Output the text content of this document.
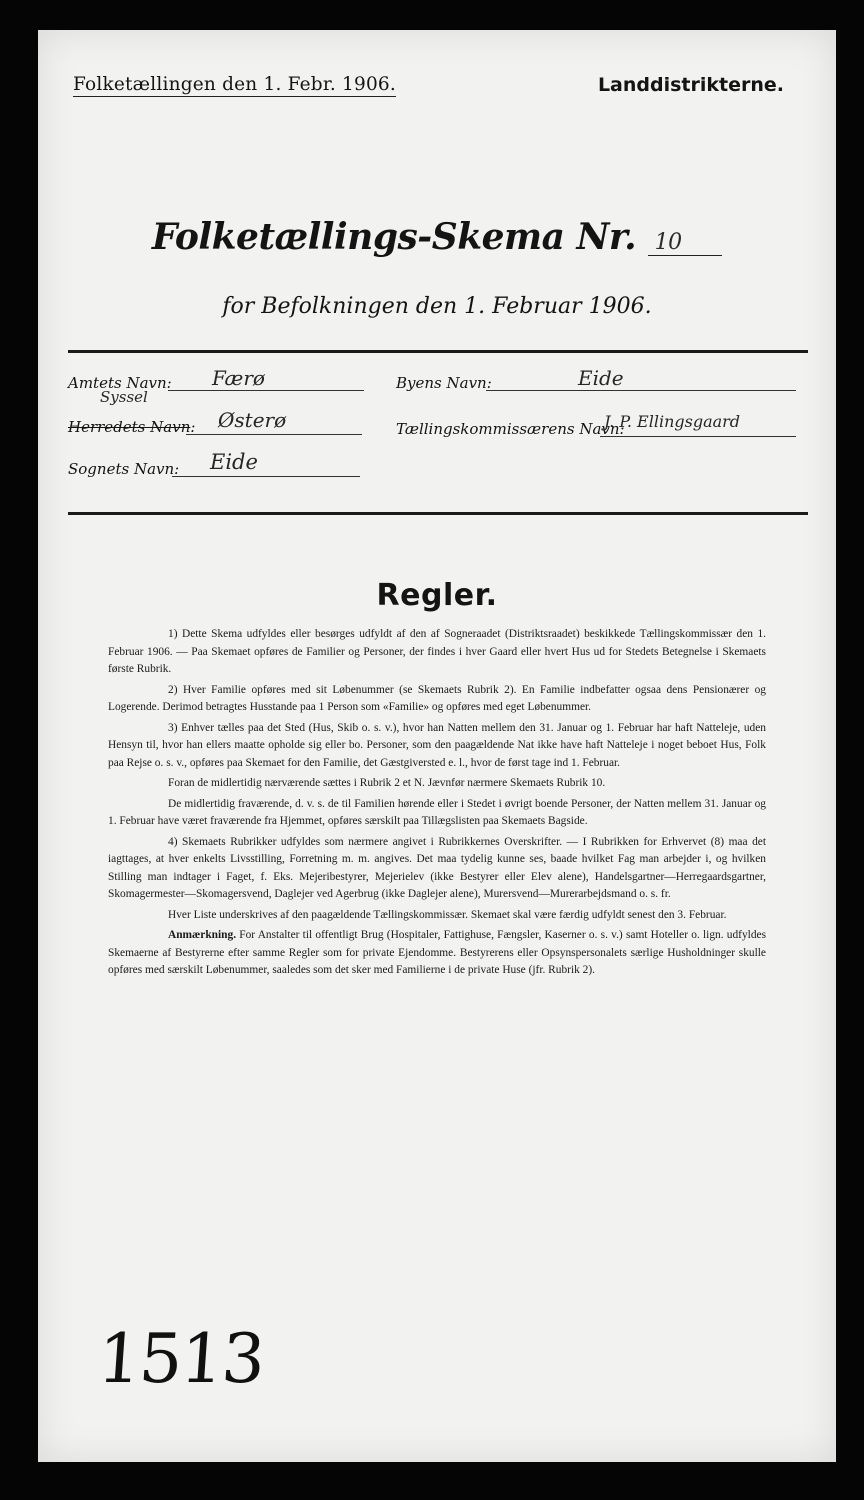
Folketællingen den 1. Febr. 1906.	Landdistrikterne.
Folketællings-Skema Nr. 10
for Befolkningen den 1. Februar 1906.
Amtets Navn: Færø
Syssel
Herredets Navn: Østerø
Sognets Navn: Eide
Byens Navn:	Eide
Tællingskommissærens Navn:
J. P. Ellingsgaard
Regler.

1) Dette Skema udfyldes eller besørges udfyldt af den af Sogneraadet (Distriktsraadet) beskikkede Tællingskommissær den 1. Februar 1906. — Paa Skemaet opføres de Familier og Personer, der findes i hver Gaard eller hvert Hus ud for Stedets Betegnelse i Skemaets første Rubrik.

2) Hver Familie opføres med sit Løbenummer (se Skemaets Rubrik 2). En Familie indbefatter ogsaa dens Pensionærer og Logerende. Derimod betragtes Husstande paa 1 Person som «Familie» og opføres med eget Løbenummer.

3) Enhver tælles paa det Sted (Hus, Skib o. s. v.), hvor han Natten mellem den 31. Januar og 1. Februar har haft Natteleje, uden Hensyn til, hvor han ellers maatte opholde sig eller bo. Personer, som den paagældende Nat ikke have haft Natteleje i noget beboet Hus, Folk paa Rejse o. s. v., opføres paa Skemaet for den Familie, det Gæstgiversted e. l., hvor de først tage ind 1. Februar.

Foran de midlertidig nærværende sættes i Rubrik 2 et N. Jævnfør nærmere Skemaets Rubrik 10.

De midlertidig fraværende, d. v. s. de til Familien hørende eller i Stedet i øvrigt boende Personer, der Natten mellem 31. Januar og 1. Februar have været fraværende fra Hjemmet, opføres særskilt paa Tillægslisten paa Skemaets Bagside.

4) Skemaets Rubrikker udfyldes som nærmere angivet i Rubrikkernes Overskrifter. — I Rubrikken for Erhvervet (8) maa det iagttages, at hver enkelts Livsstilling, Forretning m. m. angives. Det maa tydelig kunne ses, baade hvilket Fag man arbejder i, og hvilken Stilling man indtager i Faget, f. Eks. Mejeribestyrer, Mejerielev (ikke Bestyrer eller Elev alene), Handelsgartner—Herregaardsgartner, Skomagermester—Skomagersvend, Daglejer ved Agerbrug (ikke Daglejer alene), Murersvend—Murerarbejdsmand o. s. fr.

Hver Liste underskrives af den paagældende Tællingskommissær. Skemaet skal være færdig udfyldt senest den 3. Februar.

Anmærkning. For Anstalter til offentligt Brug (Hospitaler, Fattighuse, Fængsler, Kaserner o. s. v.) samt Hoteller o. lign. udfyldes Skemaerne af Bestyrerne efter samme Regler som for private Ejendomme. Bestyrerens eller Opsynspersonalets særlige Husholdninger skulle opføres med særskilt Løbenummer, saaledes som det sker med Familierne i de private Huse (jfr. Rubrik 2).

1513
